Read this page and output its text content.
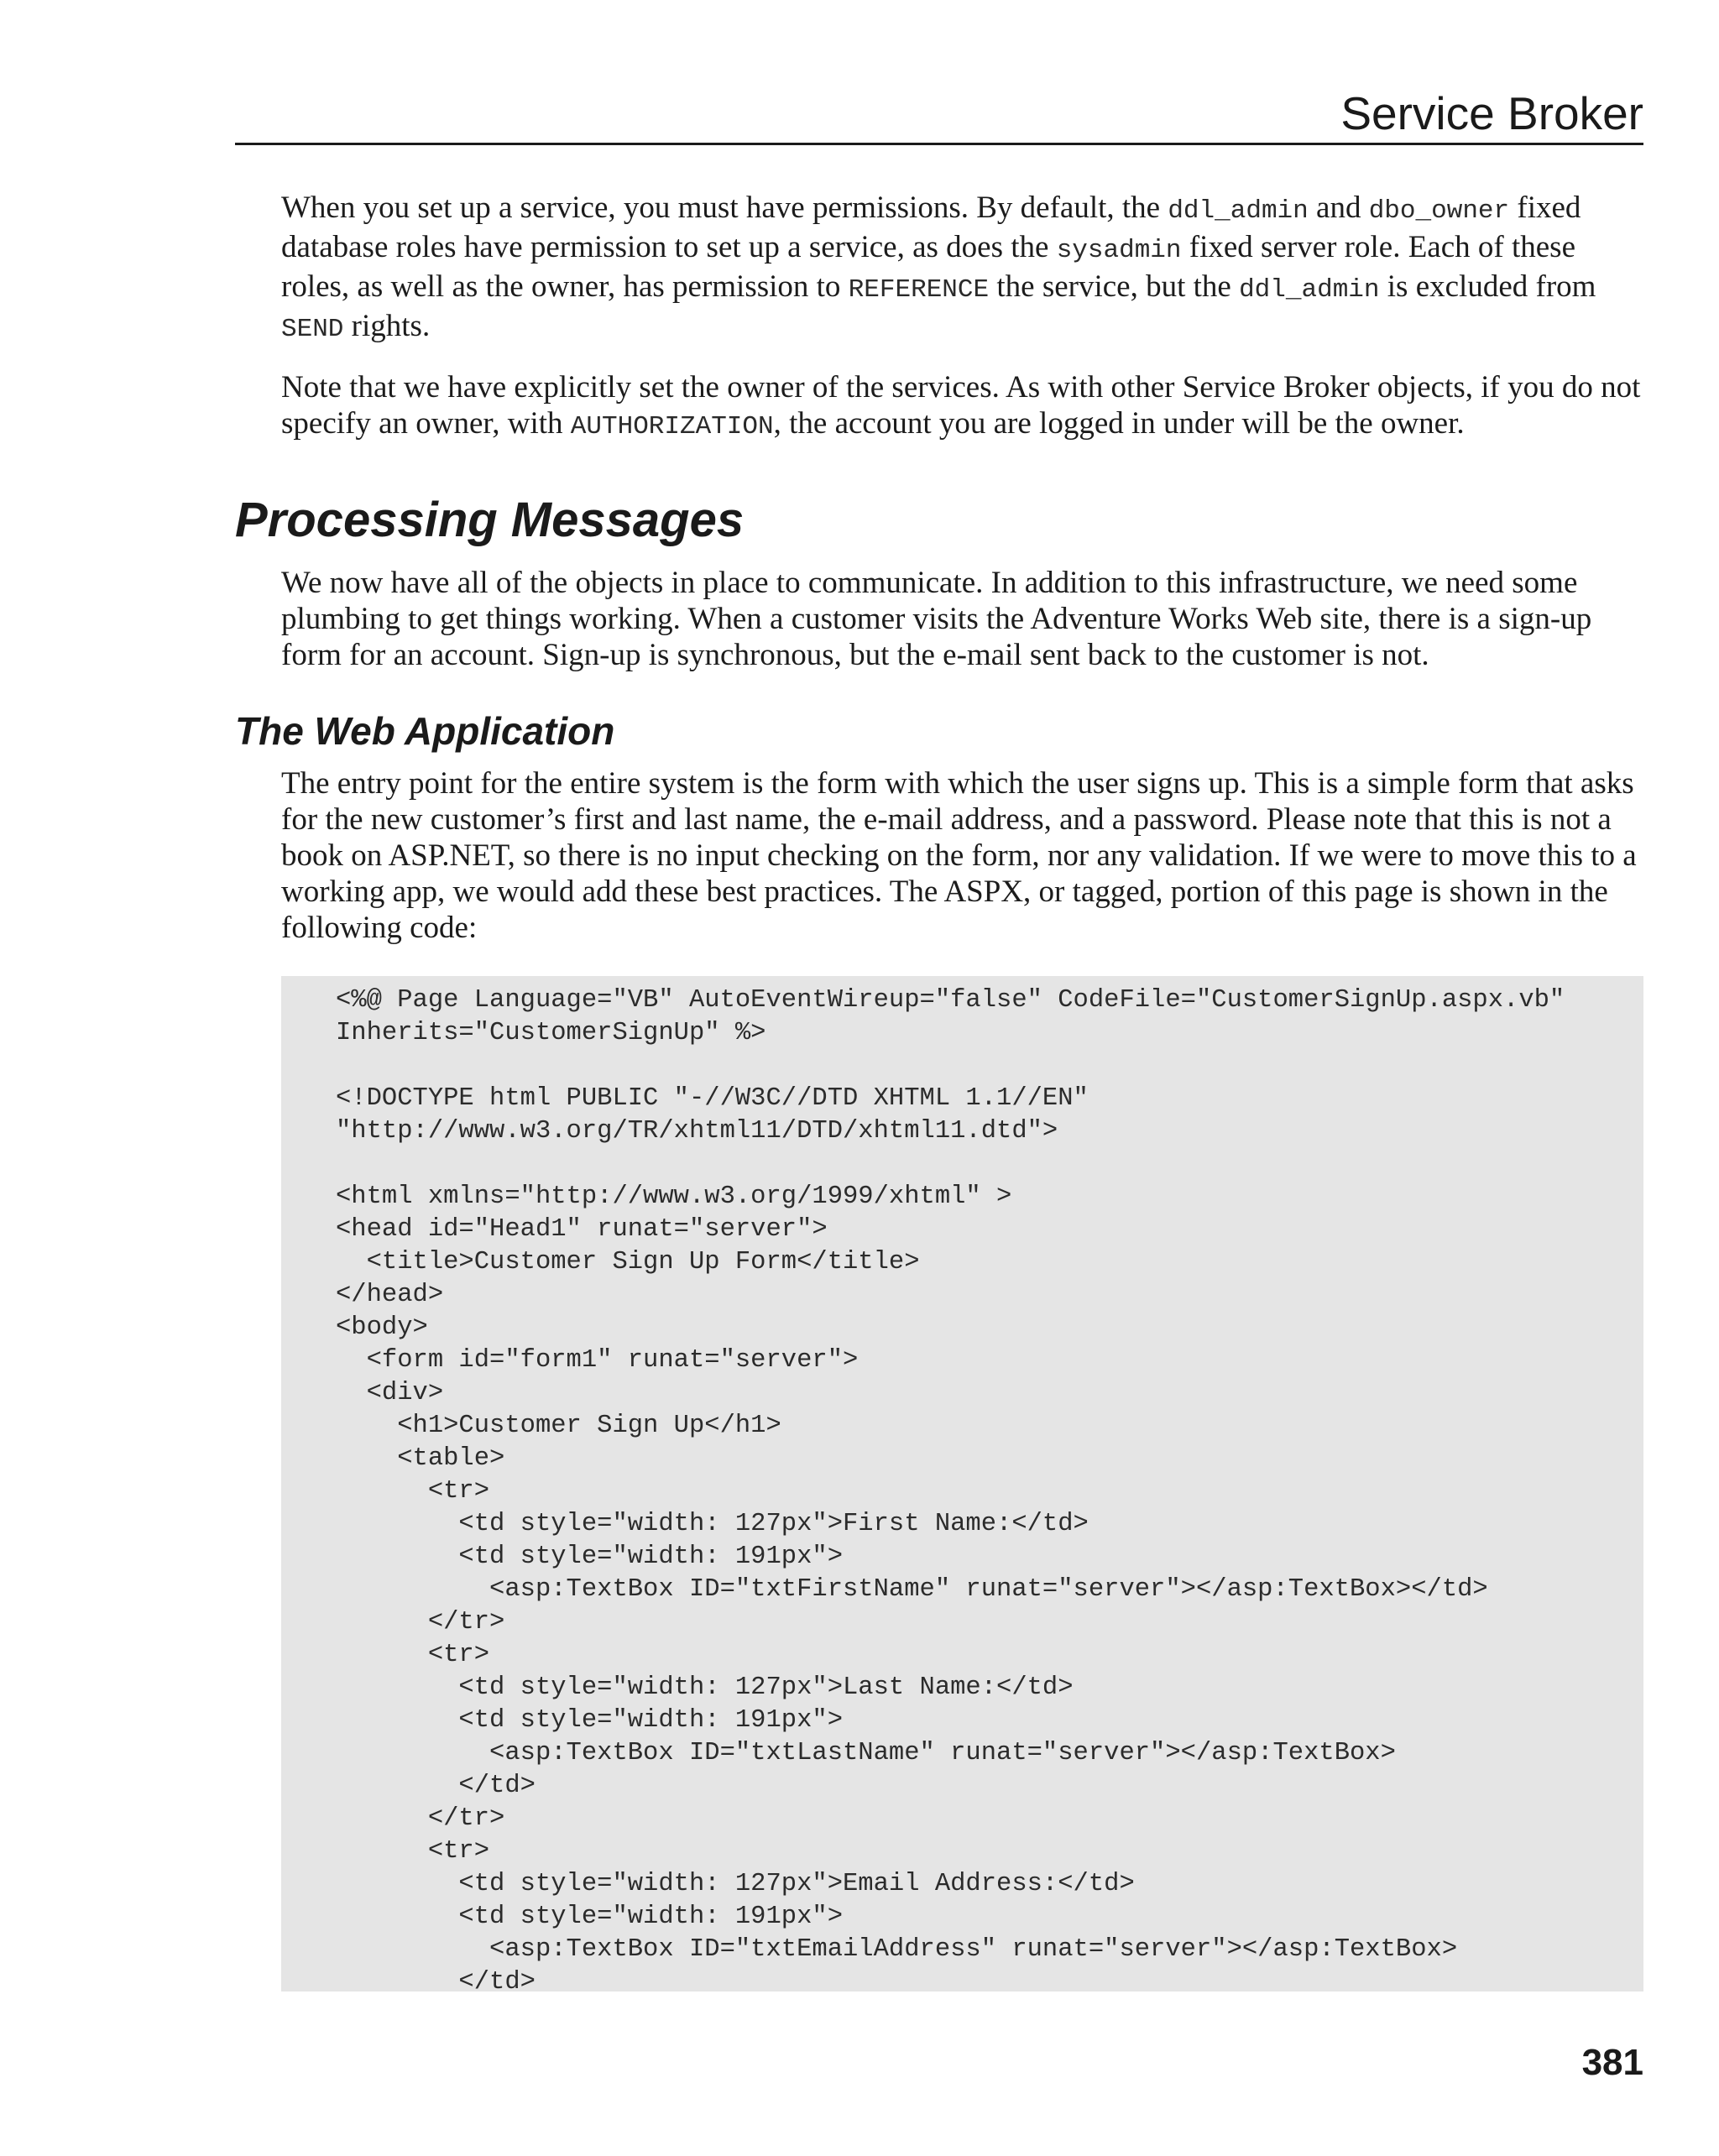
Service Broker

When you set up a service, you must have permissions. By default, the ddl_admin and dbo_owner fixed database roles have permission to set up a service, as does the sysadmin fixed server role. Each of these roles, as well as the owner, has permission to REFERENCE the service, but the ddl_admin is excluded from SEND rights.

Note that we have explicitly set the owner of the services. As with other Service Broker objects, if you do not specify an owner, with AUTHORIZATION, the account you are logged in under will be the owner.

Processing Messages

We now have all of the objects in place to communicate. In addition to this infrastructure, we need some plumbing to get things working. When a customer visits the Adventure Works Web site, there is a sign-up form for an account. Sign-up is synchronous, but the e-mail sent back to the customer is not.

The Web Application

The entry point for the entire system is the form with which the user signs up. This is a simple form that asks for the new customer’s first and last name, the e-mail address, and a password. Please note that this is not a book on ASP.NET, so there is no input checking on the form, nor any validation. If we were to move this to a working app, we would add these best practices. The ASPX, or tagged, portion of this page is shown in the following code:

<%@ Page Language="VB" AutoEventWireup="false" CodeFile="CustomerSignUp.aspx.vb"
Inherits="CustomerSignUp" %>
<!DOCTYPE html PUBLIC "-//W3C//DTD XHTML 1.1//EN"
"http://www.w3.org/TR/xhtml11/DTD/xhtml11.dtd">
<html xmlns="http://www.w3.org/1999/xhtml" >
<head id="Head1" runat="server">
<title>Customer Sign Up Form</title>
</head>
<body>
<form id="form1" runat="server">
<div>
<h1>Customer Sign Up</h1>
<table>
<tr>
<td style="width: 127px">First Name:</td>
<td style="width: 191px">
<asp:TextBox ID="txtFirstName" runat="server"></asp:TextBox></td>
</tr>
<tr>
<td style="width: 127px">Last Name:</td>
<td style="width: 191px">
<asp:TextBox ID="txtLastName" runat="server"></asp:TextBox>
</td>
</tr>
<tr>
<td style="width: 127px">Email Address:</td>
<td style="width: 191px">
<asp:TextBox ID="txtEmailAddress" runat="server"></asp:TextBox>
</td>
381
